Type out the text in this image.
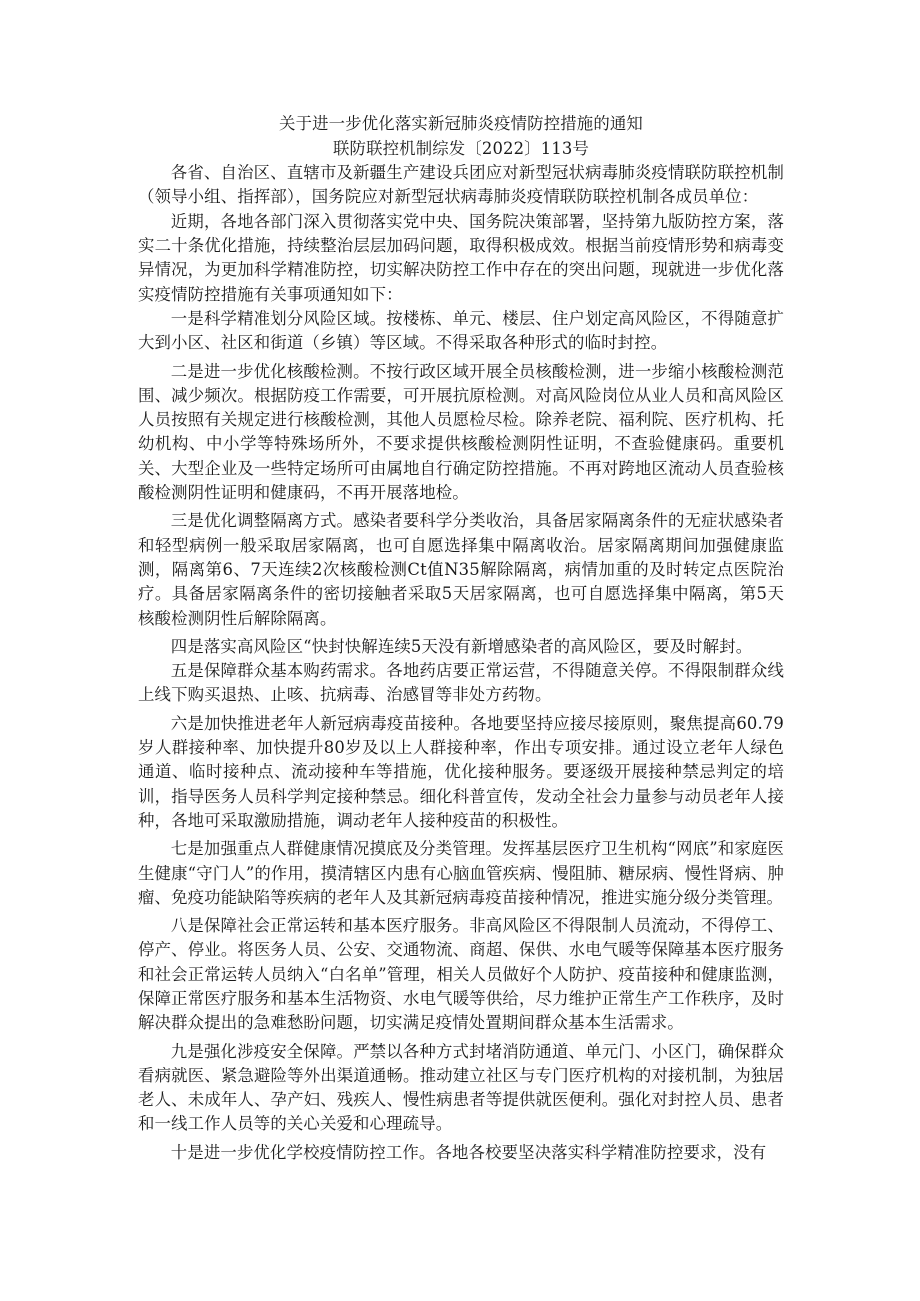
关于进一步优化落实新冠肺炎疫情防控措施的通知

联防联控机制综发〔2022〕113号

各省、自治区、直辖市及新疆生产建设兵团应对新型冠状病毒肺炎疫情联防联控机制（领导小组、指挥部），国务院应对新型冠状病毒肺炎疫情联防联控机制各成员单位：

近期，各地各部门深入贯彻落实党中央、国务院决策部署，坚持第九版防控方案，落实二十条优化措施，持续整治层层加码问题，取得积极成效。根据当前疫情形势和病毒变异情况，为更加科学精准防控，切实解决防控工作中存在的突出问题，现就进一步优化落实疫情防控措施有关事项通知如下：

一是科学精准划分风险区域。按楼栋、单元、楼层、住户划定高风险区，不得随意扩大到小区、社区和街道（乡镇）等区域。不得采取各种形式的临时封控。

二是进一步优化核酸检测。不按行政区域开展全员核酸检测，进一步缩小核酸检测范围、减少频次。根据防疫工作需要，可开展抗原检测。对高风险岗位从业人员和高风险区人员按照有关规定进行核酸检测，其他人员愿检尽检。除养老院、福利院、医疗机构、托幼机构、中小学等特殊场所外，不要求提供核酸检测阴性证明，不查验健康码。重要机关、大型企业及一些特定场所可由属地自行确定防控措施。不再对跨地区流动人员查验核酸检测阴性证明和健康码，不再开展落地检。

三是优化调整隔离方式。感染者要科学分类收治，具备居家隔离条件的无症状感染者和轻型病例一般采取居家隔离，也可自愿选择集中隔离收治。居家隔离期间加强健康监测，隔离第6、7天连续2次核酸检测Ct值N35解除隔离，病情加重的及时转定点医院治疗。具备居家隔离条件的密切接触者采取5天居家隔离，也可自愿选择集中隔离，第5天核酸检测阴性后解除隔离。

四是落实高风险区“快封快解连续5天没有新增感染者的高风险区，要及时解封。

五是保障群众基本购药需求。各地药店要正常运营，不得随意关停。不得限制群众线上线下购买退热、止咳、抗病毒、治感冒等非处方药物。

六是加快推进老年人新冠病毒疫苗接种。各地要坚持应接尽接原则，聚焦提高60.79岁人群接种率、加快提升80岁及以上人群接种率，作出专项安排。通过设立老年人绿色通道、临时接种点、流动接种车等措施，优化接种服务。要逐级开展接种禁忌判定的培训，指导医务人员科学判定接种禁忌。细化科普宣传，发动全社会力量参与动员老年人接种，各地可采取激励措施，调动老年人接种疫苗的积极性。

七是加强重点人群健康情况摸底及分类管理。发挥基层医疗卫生机构“网底”和家庭医生健康“守门人”的作用，摸清辖区内患有心脑血管疾病、慢阻肺、糖尿病、慢性肾病、肿瘤、免疫功能缺陷等疾病的老年人及其新冠病毒疫苗接种情况，推进实施分级分类管理。

八是保障社会正常运转和基本医疗服务。非高风险区不得限制人员流动，不得停工、停产、停业。将医务人员、公安、交通物流、商超、保供、水电气暖等保障基本医疗服务和社会正常运转人员纳入“白名单”管理，相关人员做好个人防护、疫苗接种和健康监测，保障正常医疗服务和基本生活物资、水电气暖等供给，尽力维护正常生产工作秩序，及时解决群众提出的急难愁盼问题，切实满足疫情处置期间群众基本生活需求。

九是强化涉疫安全保障。严禁以各种方式封堵消防通道、单元门、小区门，确保群众看病就医、紧急避险等外出渠道通畅。推动建立社区与专门医疗机构的对接机制，为独居老人、未成年人、孕产妇、残疾人、慢性病患者等提供就医便利。强化对封控人员、患者和一线工作人员等的关心关爱和心理疏导。

十是进一步优化学校疫情防控工作。各地各校要坚决落实科学精准防控要求，没有
